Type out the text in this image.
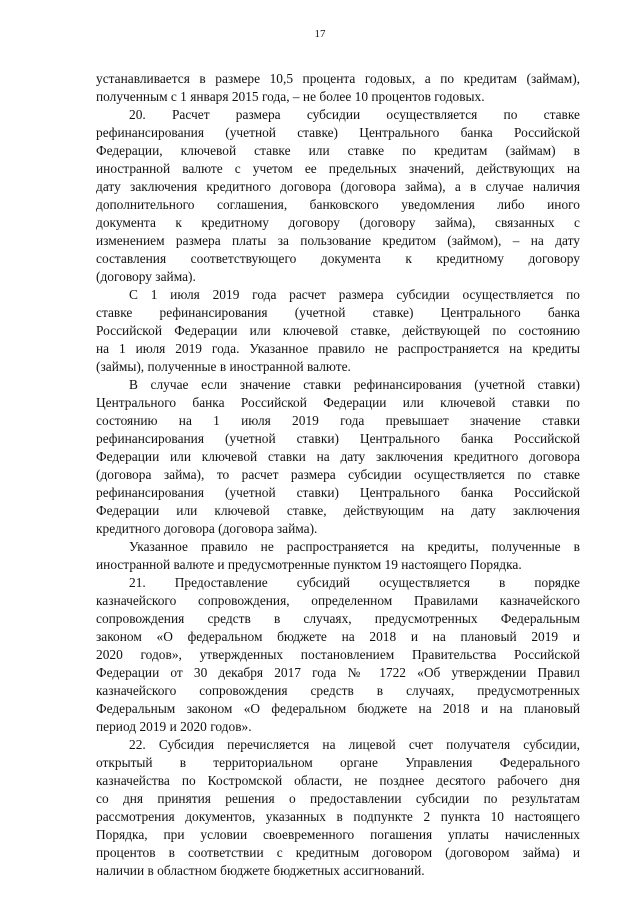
17
устанавливается в размере 10,5 процента годовых, а по кредитам (займам),
полученным с 1 января 2015 года, – не более 10 процентов годовых.
20. Расчет размера субсидии осуществляется по ставке
рефинансирования (учетной ставке) Центрального банка Российской
Федерации, ключевой ставке или ставке по кредитам (займам) в
иностранной валюте с учетом ее предельных значений, действующих на
дату заключения кредитного договора (договора займа), а в случае наличия
дополнительного соглашения, банковского уведомления либо иного
документа к кредитному договору (договору займа), связанных с
изменением размера платы за пользование кредитом (займом), – на дату
составления соответствующего документа к кредитному договору
(договору займа).
С 1 июля 2019 года расчет размера субсидии осуществляется по
ставке рефинансирования (учетной ставке) Центрального банка
Российской Федерации или ключевой ставке, действующей по состоянию
на 1 июля 2019 года. Указанное правило не распространяется на кредиты
(займы), полученные в иностранной валюте.
В случае если значение ставки рефинансирования (учетной ставки)
Центрального банка Российской Федерации или ключевой ставки по
состоянию на 1 июля 2019 года превышает значение ставки
рефинансирования (учетной ставки) Центрального банка Российской
Федерации или ключевой ставки на дату заключения кредитного договора
(договора займа), то расчет размера субсидии осуществляется по ставке
рефинансирования (учетной ставки) Центрального банка Российской
Федерации или ключевой ставке, действующим на дату заключения
кредитного договора (договора займа).
Указанное правило не распространяется на кредиты, полученные в
иностранной валюте и предусмотренные пунктом 19 настоящего Порядка.
21. Предоставление субсидий осуществляется в порядке
казначейского сопровождения, определенном Правилами казначейского
сопровождения средств в случаях, предусмотренных Федеральным
законом «О федеральном бюджете на 2018 и на плановый 2019 и
2020 годов», утвержденных постановлением Правительства Российской
Федерации от 30 декабря 2017 года № 1722 «Об утверждении Правил
казначейского сопровождения средств в случаях, предусмотренных
Федеральным законом «О федеральном бюджете на 2018 и на плановый
период 2019 и 2020 годов».
22. Субсидия перечисляется на лицевой счет получателя субсидии,
открытый в территориальном органе Управления Федерального
казначейства по Костромской области, не позднее десятого рабочего дня
со дня принятия решения о предоставлении субсидии по результатам
рассмотрения документов, указанных в подпункте 2 пункта 10 настоящего
Порядка, при условии своевременного погашения уплаты начисленных
процентов в соответствии с кредитным договором (договором займа) и
наличии в областном бюджете бюджетных ассигнований.
